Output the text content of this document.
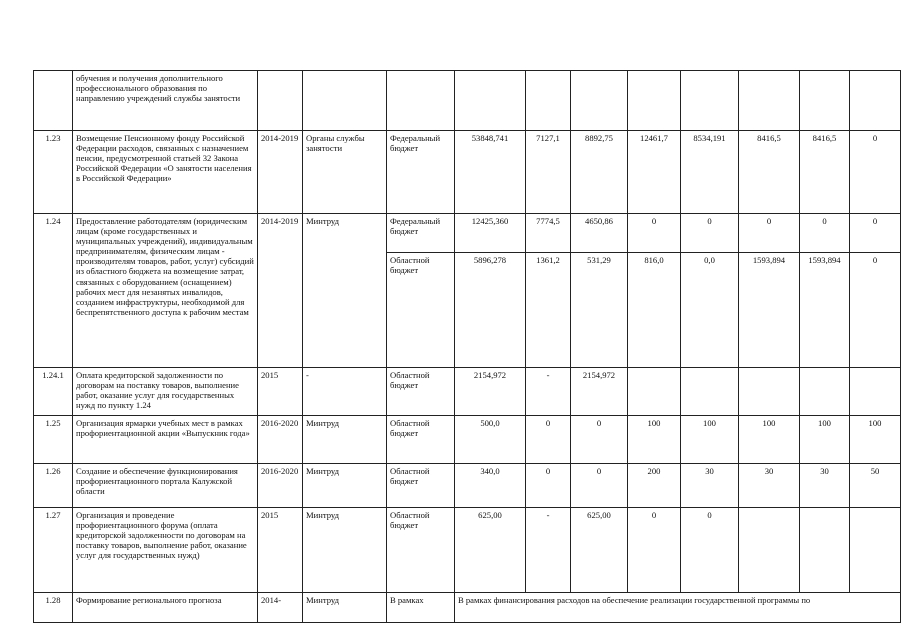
	обучения и получения дополнительного профессионального образования по направлению учреждений службы занятости											
1.23	Возмещение Пенсионному фонду Российской Федерации расходов, связанных с назначением пенсии, предусмотренной статьей 32 Закона Российской Федерации «О занятости населения в Российской Федерации»	2014-2019	Органы службы занятости	Федеральный бюджет	53848,741	7127,1	8892,75	12461,7	8534,191	8416,5	8416,5	0
1.24	Предоставление работодателям (юридическим лицам (кроме государственных и муниципальных учреждений), индивидуальным предпринимателям, физическим лицам - производителям товаров, работ, услуг) субсидий из областного бюджета на возмещение затрат, связанных с оборудованием (оснащением) рабочих мест для незанятых инвалидов, созданием инфраструктуры, необходимой для беспрепятственного доступа к рабочим местам	2014-2019	Минтруд	Федеральный бюджет	12425,360	7774,5	4650,86	0	0	0	0	0
				Областной бюджет	5896,278	1361,2	531,29	816,0	0,0	1593,894	1593,894	0
1.24.1	Оплата кредиторской задолженности по договорам на поставку товаров, выполнение работ, оказание услуг для государственных нужд по пункту 1.24	2015	-	Областной бюджет	2154,972	-	2154,972					
1.25	Организация ярмарки учебных мест в рамках профориентационной акции «Выпускник года»	2016-2020	Минтруд	Областной бюджет	500,0	0	0	100	100	100	100	100
1.26	Создание и обеспечение функционирования профориентационного портала Калужской области	2016-2020	Минтруд	Областной бюджет	340,0	0	0	200	30	30	30	50
1.27	Организация и проведение профориентационного форума (оплата кредиторской задолженности по договорам на поставку товаров, выполнение работ, оказание услуг для государственных нужд)	2015	Минтруд	Областной бюджет	625,00	-	625,00	0	0			
1.28	Формирование регионального прогноза	2014-	Минтруд	В рамках	В рамках финансирования расходов на обеспечение реализации государственной программы по							
